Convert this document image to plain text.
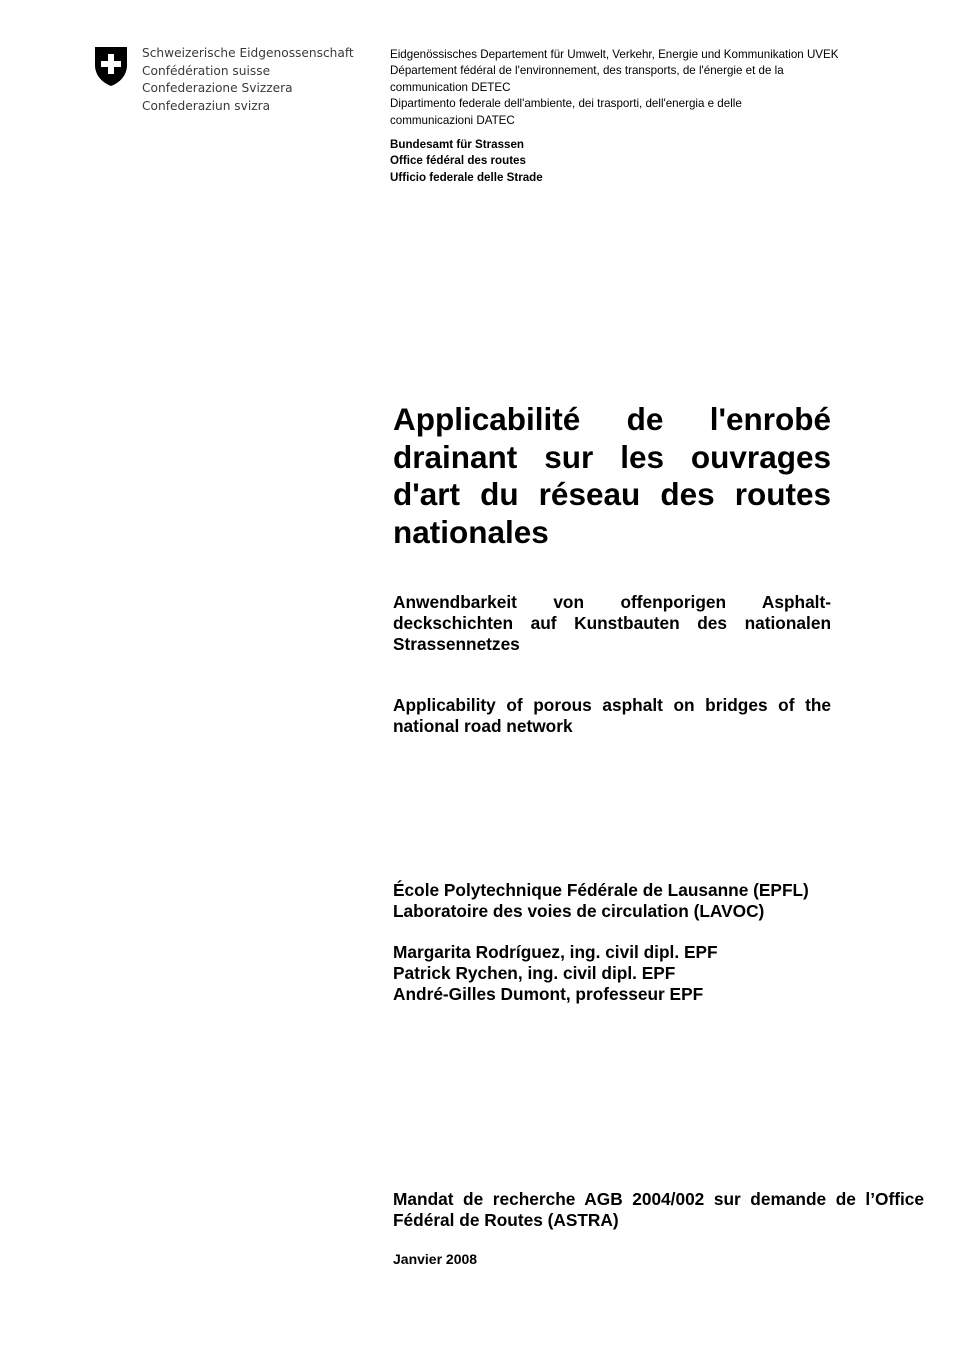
Schweizerische Eidgenossenschaft
Confédération suisse
Confederazione Svizzera
Confederaziun svizra
Eidgenössisches Departement für Umwelt, Verkehr, Energie und Kommunikation UVEK
Département fédéral de l'environnement, des transports, de l'énergie et de la
communication DETEC
Dipartimento federale dell'ambiente, dei trasporti, dell'energia e delle
communicazioni DATEC
Bundesamt für Strassen
Office fédéral des routes
Ufficio federale delle Strade
Applicabilité de l'enrobé drainant sur les ouvrages d'art du réseau des routes nationales

Anwendbarkeit von offenporigen Asphalt-deckschichten auf Kunstbauten des nationalen Strassennetzes

Applicability of porous asphalt on bridges of the national road network

École Polytechnique Fédérale de Lausanne (EPFL)
Laboratoire des voies de circulation (LAVOC)
Margarita Rodríguez, ing. civil dipl. EPF
Patrick Rychen, ing. civil dipl. EPF
André-Gilles Dumont, professeur EPF

Mandat de recherche AGB 2004/002 sur demande de l’Office Fédéral de Routes (ASTRA)

Janvier 2008
